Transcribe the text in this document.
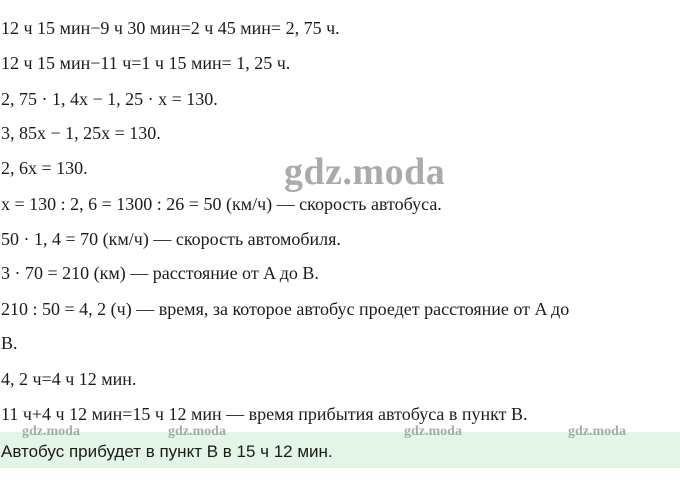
12 ч 15 мин−9 ч 30 мин=2 ч 45 мин= 2, 75 ч.
12 ч 15 мин−11 ч=1 ч 15 мин= 1, 25 ч.
2, 75 · 1, 4x − 1, 25 · x = 130.
3, 85x − 1, 25x = 130.
2, 6x = 130.
x = 130 : 2, 6 = 1300 : 26 = 50 (км/ч) — скорость автобуса.
50 · 1, 4 = 70 (км/ч) — скорость автомобиля.
3 · 70 = 210 (км) — расстояние от A до B.
210 : 50 = 4, 2 (ч) — время, за которое автобус проедет расстояние от A до
B.
4, 2 ч=4 ч 12 мин.
11 ч+4 ч 12 мин=15 ч 12 мин — время прибытия автобуса в пункт B.
gdz.moda
Автобус прибудет в пункт B в 15 ч 12 мин.
gdz.moda	gdz.moda	gdz.moda	gdz.moda
